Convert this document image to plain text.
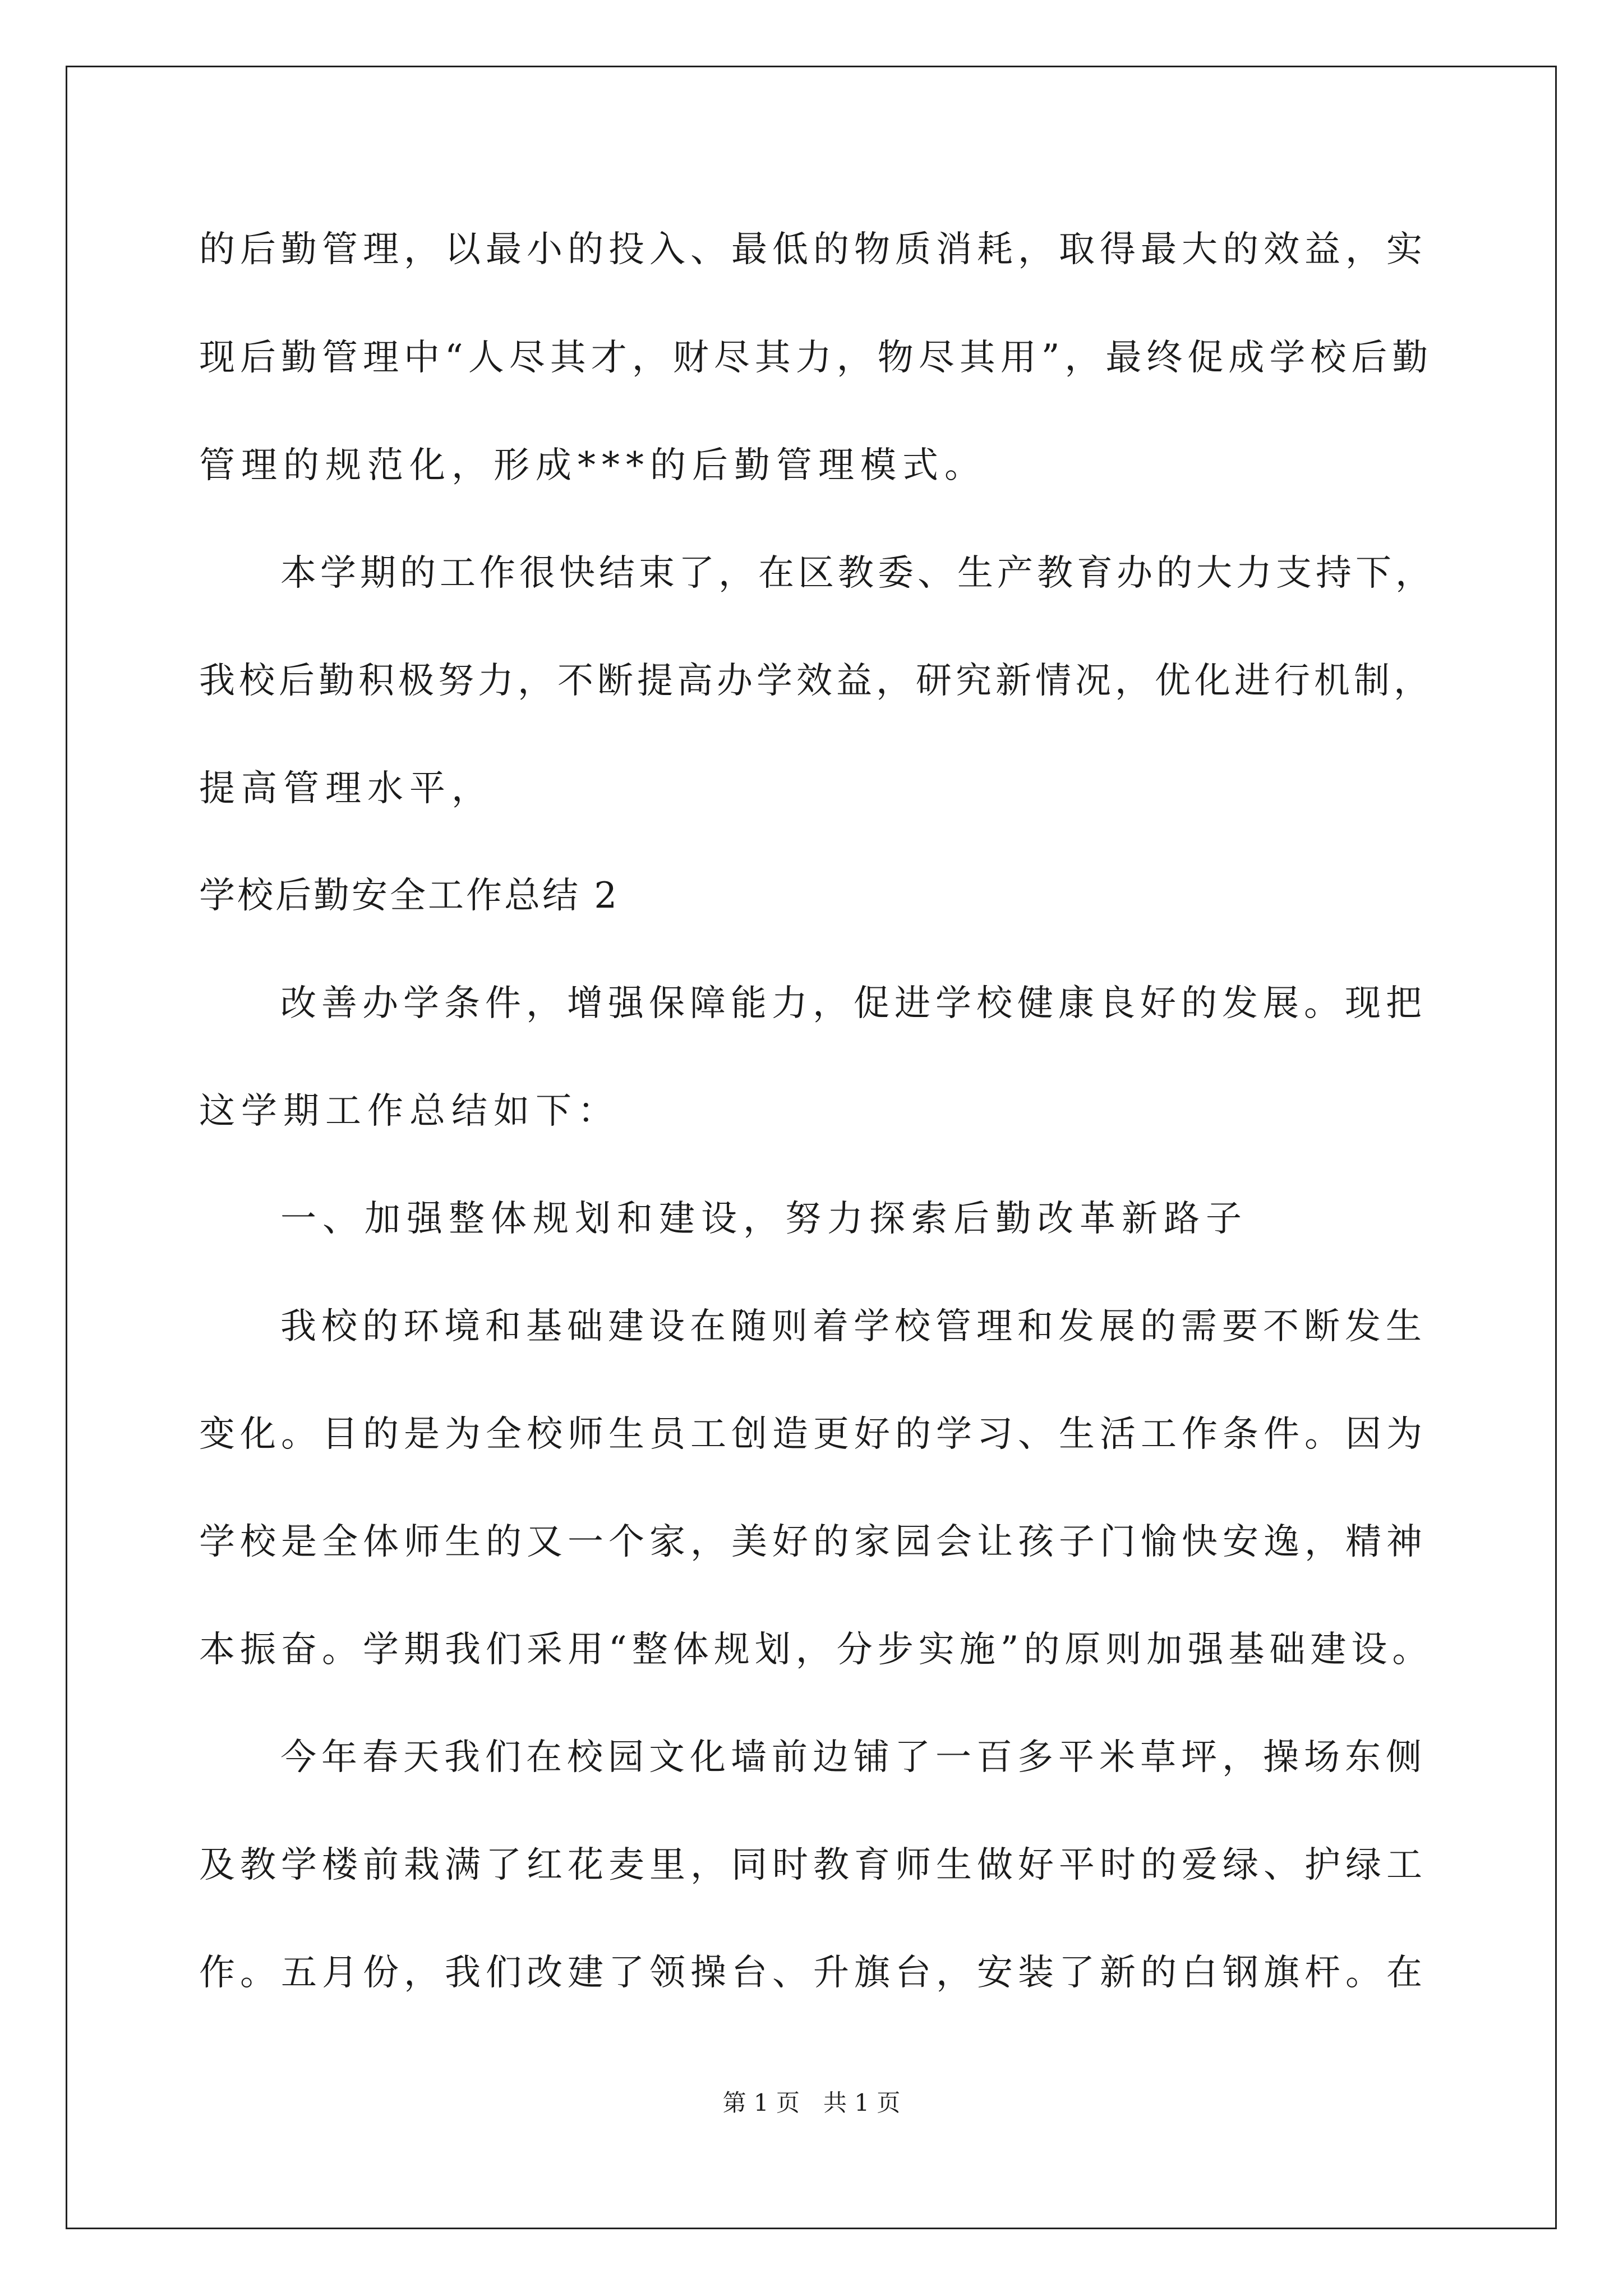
的后勤管理，以最小的投入、最低的物质消耗，取得最大的效益，实
现后勤管理中“人尽其才，财尽其力，物尽其用”，最终促成学校后勤
管理的规范化，形成***的后勤管理模式。
本学期的工作很快结束了，在区教委、生产教育办的大力支持下，
我校后勤积极努力，不断提高办学效益，研究新情况，优化进行机制，
提高管理水平，
学校后勤安全工作总结 2
改善办学条件，增强保障能力，促进学校健康良好的发展。现把
这学期工作总结如下：
一、加强整体规划和建设，努力探索后勤改革新路子
我校的环境和基础建设在随则着学校管理和发展的需要不断发生
变化。目的是为全校师生员工创造更好的学习、生活工作条件。因为
学校是全体师生的又一个家，美好的家园会让孩子门愉快安逸，精神
本振奋。学期我们采用“整体规划，分步实施”的原则加强基础建设。
今年春天我们在校园文化墙前边铺了一百多平米草坪，操场东侧
及教学楼前栽满了红花麦里，同时教育师生做好平时的爱绿、护绿工
作。五月份，我们改建了领操台、升旗台，安装了新的白钢旗杆。在
第 1 页　共 1 页
